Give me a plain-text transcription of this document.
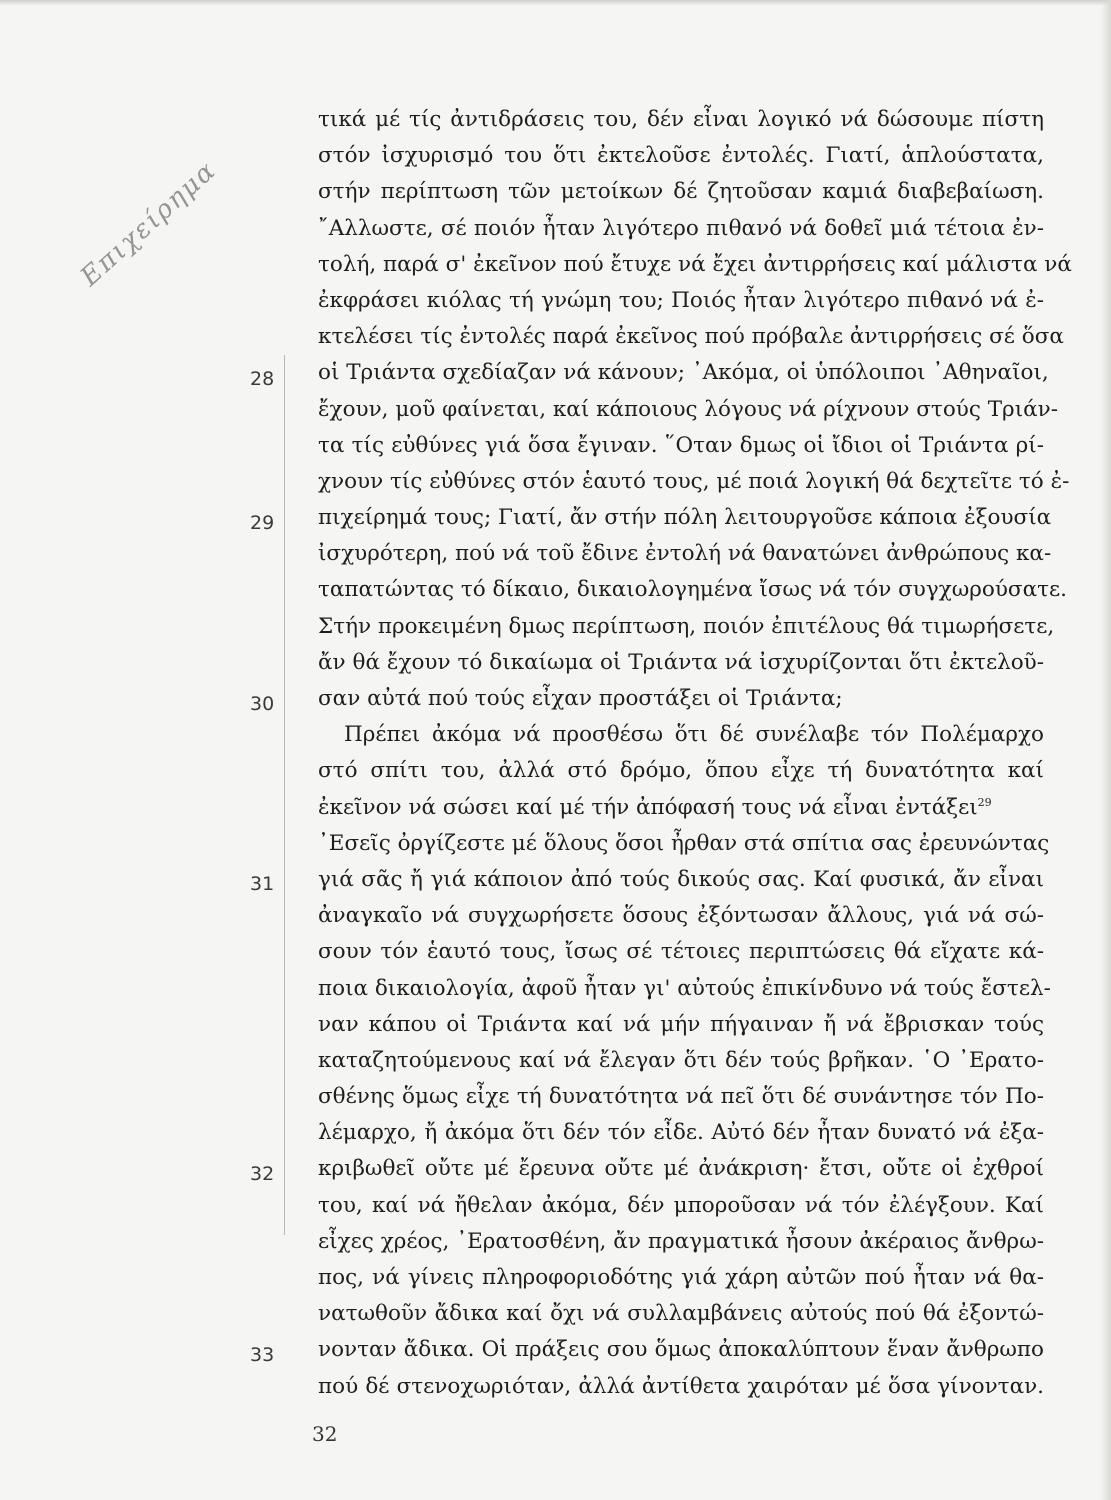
Επιχείρημα
28
29
30
31
32
33
τικά μέ τίς ἀντιδράσεις του, δέν εἶναι λογικό νά δώσουμε πίστη
στόν ἰσχυρισμό του ὅτι ἐκτελοῦσε ἐντολές. Γιατί, ἁπλούστατα,
στήν περίπτωση τῶν μετοίκων δέ ζητοῦσαν καμιά διαβεβαίωση.
῎Αλλωστε, σέ ποιόν ἦταν λιγότερο πιθανό νά δοθεῖ μιά τέτοια ἐν-
τολή, παρά σ' ἐκεῖνον πού ἔτυχε νά ἔχει ἀντιρρήσεις καί μάλιστα νά
ἐκφράσει κιόλας τή γνώμη του; Ποιός ἦταν λιγότερο πιθανό νά ἐ-
κτελέσει τίς ἐντολές παρά ἐκεῖνος πού πρόβαλε ἀντιρρήσεις σέ ὅσα
οἱ Τριάντα σχεδίαζαν νά κάνουν; ᾿Ακόμα, οἱ ὑπόλοιποι ᾿Αθηναῖοι,
ἔχουν, μοῦ φαίνεται, καί κάποιους λόγους νά ρίχνουν στούς Τριάν-
τα τίς εὐθύνες γιά ὅσα ἔγιναν. ῞Οταν δμως οἱ ἴδιοι οἱ Τριάντα ρί-
χνουν τίς εὐθύνες στόν ἑαυτό τους, μέ ποιά λογική θά δεχτεῖτε τό ἐ-
πιχείρημά τους; Γιατί, ἄν στήν πόλη λειτουργοῦσε κάποια ἐξουσία
ἰσχυρότερη, πού νά τοῦ ἔδινε ἐντολή νά θανατώνει ἀνθρώπους κα-
ταπατώντας τό δίκαιο, δικαιολογημένα ἴσως νά τόν συγχωρούσατε.
Στήν προκειμένη δμως περίπτωση, ποιόν ἐπιτέλους θά τιμωρήσετε,
ἄν θά ἔχουν τό δικαίωμα οἱ Τριάντα νά ἰσχυρίζονται ὅτι ἐκτελοῦ-
σαν αὐτά πού τούς εἶχαν προστάξει οἱ Τριάντα;
Πρέπει ἀκόμα νά προσθέσω ὅτι δέ συνέλαβε τόν Πολέμαρχο
στό σπίτι του, ἀλλά στό δρόμο, ὅπου εἶχε τή δυνατότητα καί
ἐκεῖνον νά σώσει καί μέ τήν ἀπόφασή τους νά εἶναι ἐντάξει$^{29}$
᾿Εσεῖς ὀργίζεστε μέ ὅλους ὅσοι ἦρθαν στά σπίτια σας ἐρευνώντας
γιά σᾶς ἤ γιά κάποιον ἀπό τούς δικούς σας. Καί φυσικά, ἄν εἶναι
ἀναγκαῖο νά συγχωρήσετε ὅσους ἐξόντωσαν ἄλλους, γιά νά σώ-
σουν τόν ἑαυτό τους, ἴσως σέ τέτοιες περιπτώσεις θά εἴχατε κά-
ποια δικαιολογία, ἀφοῦ ἦταν γι' αὐτούς ἐπικίνδυνο νά τούς ἔστελ-
ναν κάπου οἱ Τριάντα καί νά μήν πήγαιναν ἤ νά ἔβρισκαν τούς
καταζητούμενους καί νά ἔλεγαν ὅτι δέν τούς βρῆκαν. ῾Ο ᾿Ερατο-
σθένης ὅμως εἶχε τή δυνατότητα νά πεῖ ὅτι δέ συνάντησε τόν Πο-
λέμαρχο, ἤ ἀκόμα ὅτι δέν τόν εἶδε. Αὐτό δέν ἦταν δυνατό νά ἐξα-
κριβωθεῖ οὔτε μέ ἔρευνα οὔτε μέ ἀνάκριση· ἔτσι, οὔτε οἱ ἐχθροί
του, καί νά ἤθελαν ἀκόμα, δέν μποροῦσαν νά τόν ἐλέγξουν. Καί
εἶχες χρέος, ᾿Ερατοσθένη, ἄν πραγματικά ἦσουν ἀκέραιος ἄνθρω-
πος, νά γίνεις πληροφοριοδότης γιά χάρη αὐτῶν πού ἦταν νά θα-
νατωθοῦν ἄδικα καί ὄχι νά συλλαμβάνεις αὐτούς πού θά ἐξοντώ-
νονταν ἄδικα. Οἱ πράξεις σου ὅμως ἀποκαλύπτουν ἕναν ἄνθρωπο
πού δέ στενοχωριόταν, ἀλλά ἀντίθετα χαιρόταν μέ ὅσα γίνονταν.
32
